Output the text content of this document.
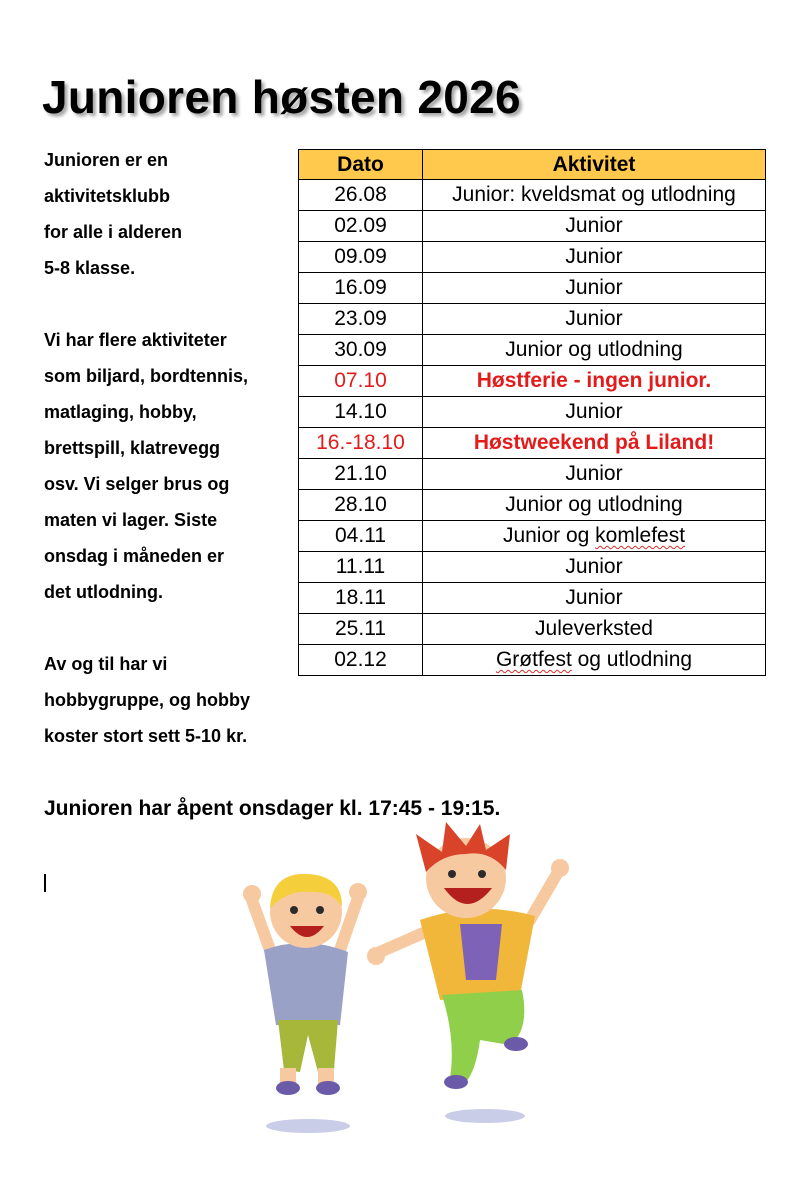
Junioren høsten 2026
Junioren er en
aktivitetsklubb
for alle i alderen
5-8 klasse.
Vi har flere aktiviteter
som biljard, bordtennis,
matlaging, hobby,
brettspill, klatrevegg
osv. Vi selger brus og
maten vi lager. Siste
onsdag i måneden er
det utlodning.
Av og til har vi
hobbygruppe, og hobby
koster stort sett 5-10 kr.
Dato	Aktivitet
26.08	Junior: kveldsmat og utlodning
02.09	Junior
09.09	Junior
16.09	Junior
23.09	Junior
30.09	Junior og utlodning
07.10	Høstferie - ingen junior.
14.10	Junior
16.-18.10	Høstweekend på Liland!
21.10	Junior
28.10	Junior og utlodning
04.11	Junior og komlefest
11.11	Junior
18.11	Junior
25.11	Juleverksted
02.12	Grøtfest og utlodning

Junioren har åpent onsdager kl. 17:45 - 19:15.
